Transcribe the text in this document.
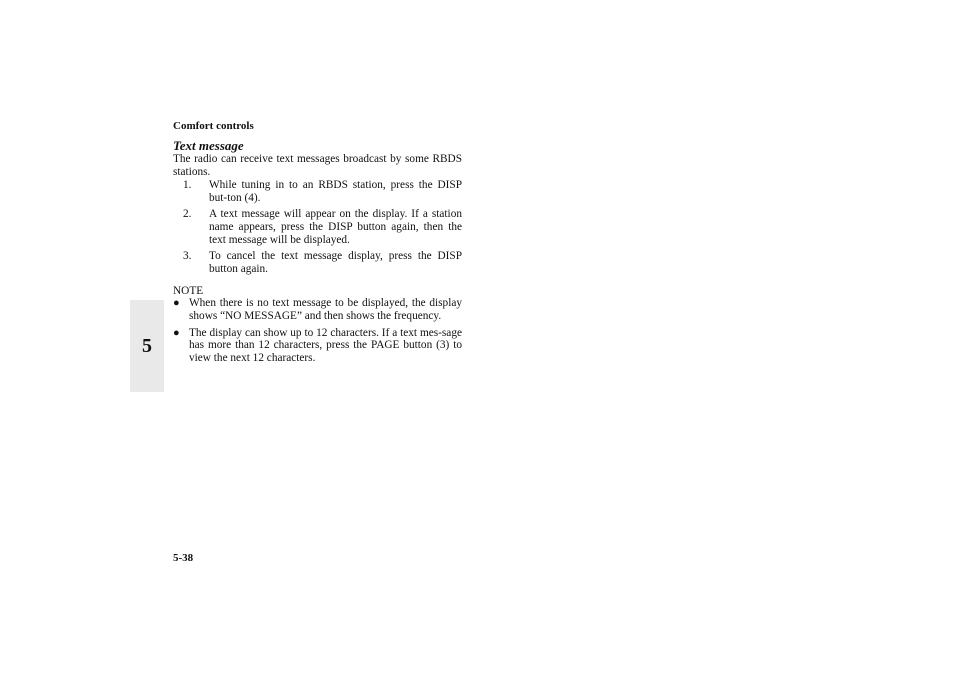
Comfort controls
5
Text message

The radio can receive text messages broadcast by some RBDS stations.

1.	While tuning in to an RBDS station, press the DISP but-ton (4).
2.	A text message will appear on the display. If a station name appears, press the DISP button again, then the text message will be displayed.
3.	To cancel the text message display, press the DISP button again.
NOTE
● When there is no text message to be displayed, the display shows “NO MESSAGE” and then shows the frequency.
● The display can show up to 12 characters. If a text mes-sage has more than 12 characters, press the PAGE button (3) to view the next 12 characters.
5-38
